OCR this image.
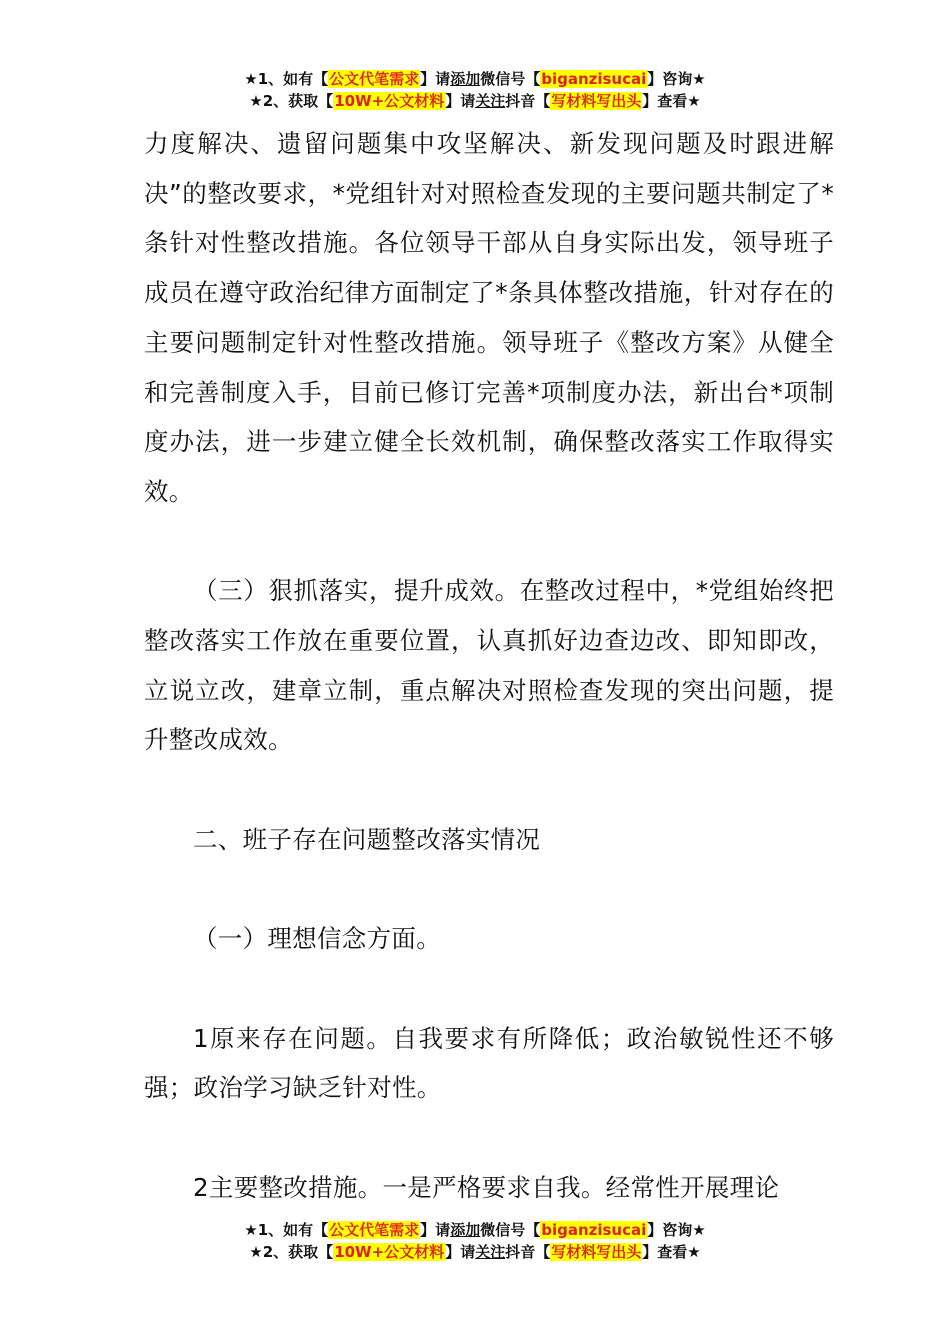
★1、如有【公文代笔需求】请添加微信号【biganzisucai】咨询★
★2、获取【10W+公文材料】请关注抖音【写材料写出头】查看★

力度解决、遗留问题集中攻坚解决、新发现问题及时跟进解决”的整改要求，*党组针对对照检查发现的主要问题共制定了*条针对性整改措施。各位领导干部从自身实际出发，领导班子成员在遵守政治纪律方面制定了*条具体整改措施，针对存在的主要问题制定针对性整改措施。领导班子《整改方案》从健全和完善制度入手，目前已修订完善*项制度办法，新出台*项制度办法，进一步建立健全长效机制，确保整改落实工作取得实效。

（三）狠抓落实，提升成效。在整改过程中，*党组始终把整改落实工作放在重要位置，认真抓好边查边改、即知即改，立说立改，建章立制，重点解决对照检查发现的突出问题，提升整改成效。

二、班子存在问题整改落实情况

（一）理想信念方面。

1原来存在问题。自我要求有所降低；政治敏锐性还不够强；政治学习缺乏针对性。

2主要整改措施。一是严格要求自我。经常性开展理论

★1、如有【公文代笔需求】请添加微信号【biganzisucai】咨询★
★2、获取【10W+公文材料】请关注抖音【写材料写出头】查看★
